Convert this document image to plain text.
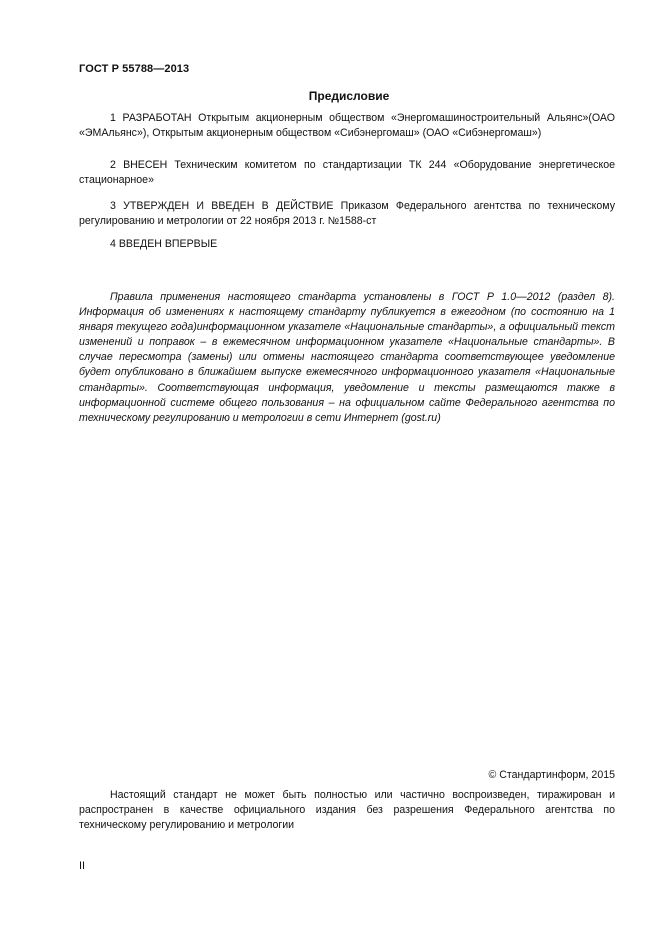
ГОСТ Р 55788—2013
Предисловие
1 РАЗРАБОТАН Открытым акционерным обществом «Энергомашиностроительный Альянс»(ОАО «ЭМАльянс»), Открытым акционерным обществом «Сибэнергомаш» (ОАО «Сибэнергомаш»)
2 ВНЕСЕН Техническим комитетом по стандартизации ТК 244 «Оборудование энергетическое стационарное»
3 УТВЕРЖДЕН И ВВЕДЕН В ДЕЙСТВИЕ Приказом Федерального агентства по техническому регулированию и метрологии от 22 ноября 2013 г. №1588-ст
4 ВВЕДЕН ВПЕРВЫЕ
Правила применения настоящего стандарта установлены в ГОСТ Р 1.0—2012 (раздел 8). Информация об изменениях к настоящему стандарту публикуется в ежегодном (по состоянию на 1 января текущего года)информационном указателе «Национальные стандарты», а официальный текст изменений и поправок – в ежемесячном информационном указателе «Национальные стандарты». В случае пересмотра (замены) или отмены настоящего стандарта соответствующее уведомление будет опубликовано в ближайшем выпуске ежемесячного информационного указателя «Национальные стандарты». Соответствующая информация, уведомление и тексты размещаются также в информационной системе общего пользования – на официальном сайте Федерального агентства по техническому регулированию и метрологии в сети Интернет (gost.ru)
© Стандартинформ, 2015
Настоящий стандарт не может быть полностью или частично воспроизведен, тиражирован и распространен в качестве официального издания без разрешения Федерального агентства по техническому регулированию и метрологии
II
